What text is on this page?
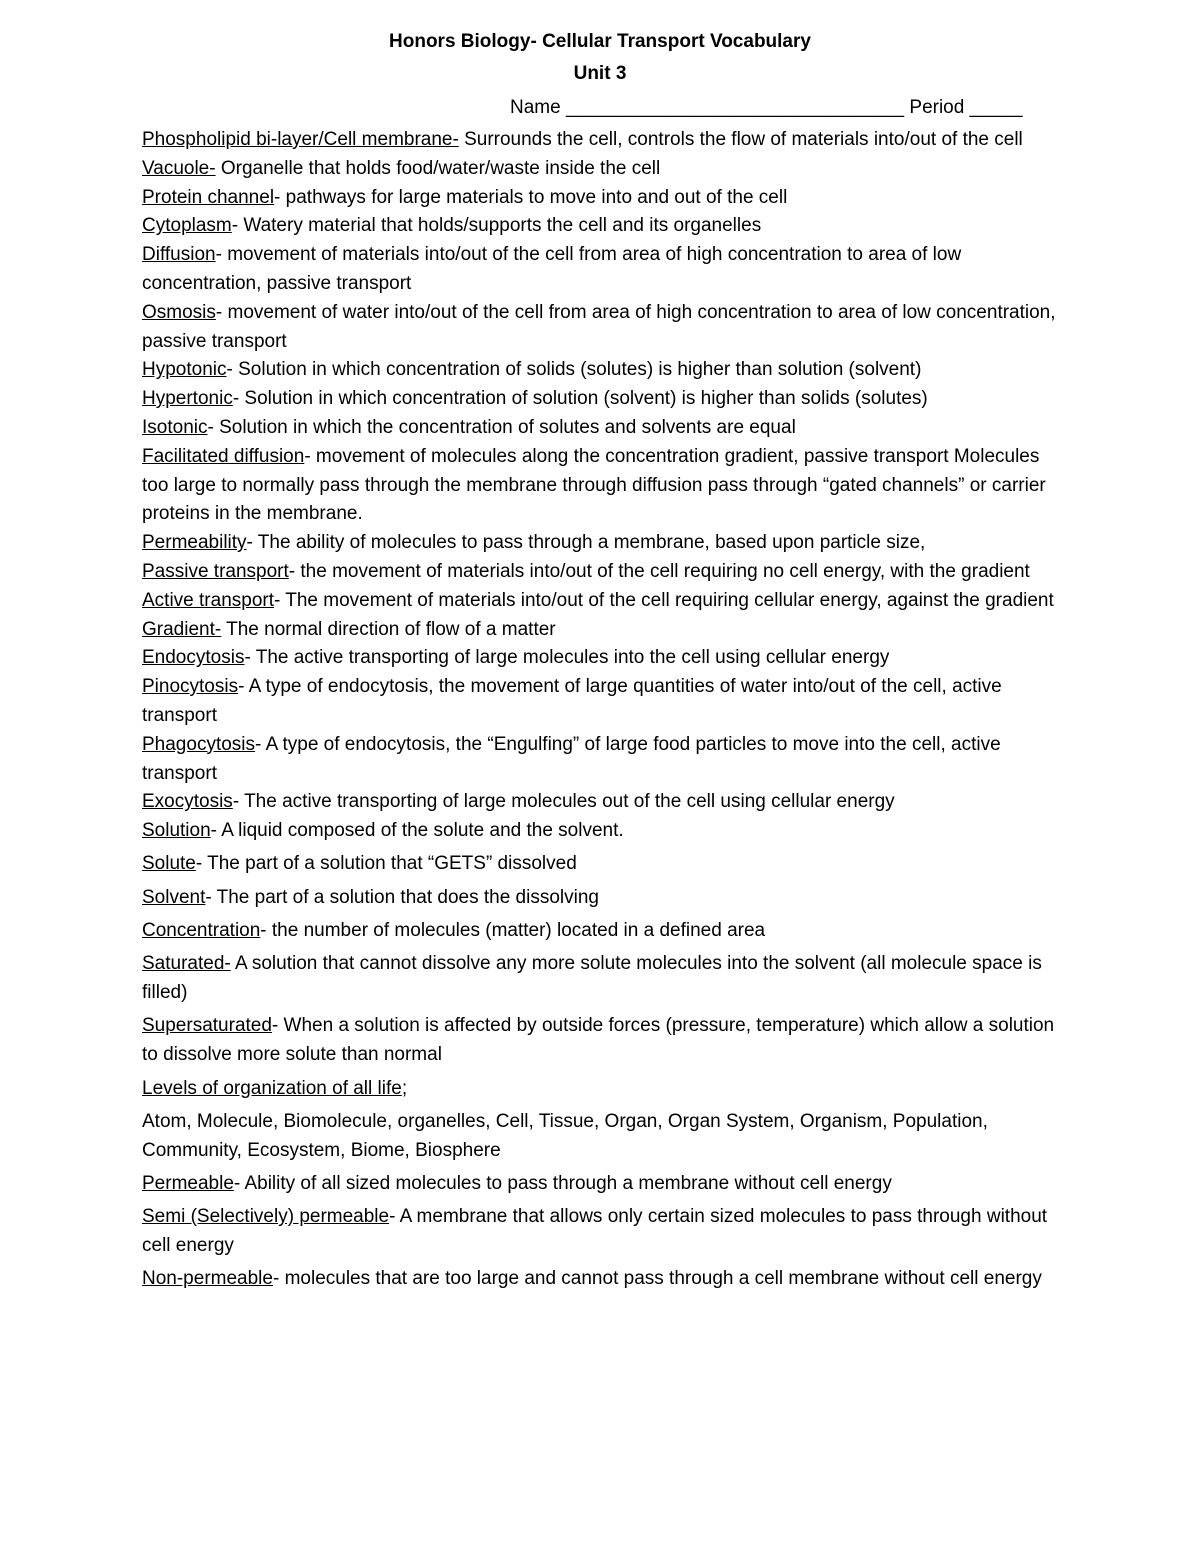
Honors Biology- Cellular Transport Vocabulary
Unit 3
Name ________________________________ Period _____

Phospholipid bi-layer/Cell membrane- Surrounds the cell, controls the flow of materials into/out of the cell

Vacuole- Organelle that holds food/water/waste inside the cell

Protein channel- pathways for large materials to move into and out of the cell

Cytoplasm- Watery material that holds/supports the cell and its organelles

Diffusion- movement of materials into/out of the cell from area of high concentration to area of low concentration, passive transport

Osmosis- movement of water into/out of the cell from area of high concentration to area of low concentration, passive transport

Hypotonic- Solution in which concentration of solids (solutes) is higher than solution (solvent)

Hypertonic- Solution in which concentration of solution (solvent) is higher than solids (solutes)

Isotonic- Solution in which the concentration of solutes and solvents are equal

Facilitated diffusion- movement of molecules along the concentration gradient, passive transport Molecules too large to normally pass through the membrane through diffusion pass through “gated channels” or carrier proteins in the membrane.

Permeability- The ability of molecules to pass through a membrane, based upon particle size,

Passive transport- the movement of materials into/out of the cell requiring no cell energy, with the gradient

Active transport- The movement of materials into/out of the cell requiring cellular energy, against the gradient

Gradient- The normal direction of flow of a matter

Endocytosis- The active transporting of large molecules into the cell using cellular energy

Pinocytosis- A type of endocytosis, the movement of large quantities of water into/out of the cell, active transport

Phagocytosis- A type of endocytosis, the “Engulfing” of large food particles to move into the cell, active transport

Exocytosis- The active transporting of large molecules out of the cell using cellular energy

Solution- A liquid composed of the solute and the solvent.

Solute- The part of a solution that “GETS” dissolved

Solvent- The part of a solution that does the dissolving

Concentration- the number of molecules (matter) located in a defined area

Saturated- A solution that cannot dissolve any more solute molecules into the solvent (all molecule space is filled)

Supersaturated- When a solution is affected by outside forces (pressure, temperature) which allow a solution to dissolve more solute than normal

Levels of organization of all life;

Atom, Molecule, Biomolecule, organelles, Cell, Tissue, Organ, Organ System, Organism, Population, Community, Ecosystem, Biome, Biosphere

Permeable- Ability of all sized molecules to pass through a membrane without cell energy

Semi (Selectively) permeable- A membrane that allows only certain sized molecules to pass through without cell energy

Non-permeable- molecules that are too large and cannot pass through a cell membrane without cell energy
